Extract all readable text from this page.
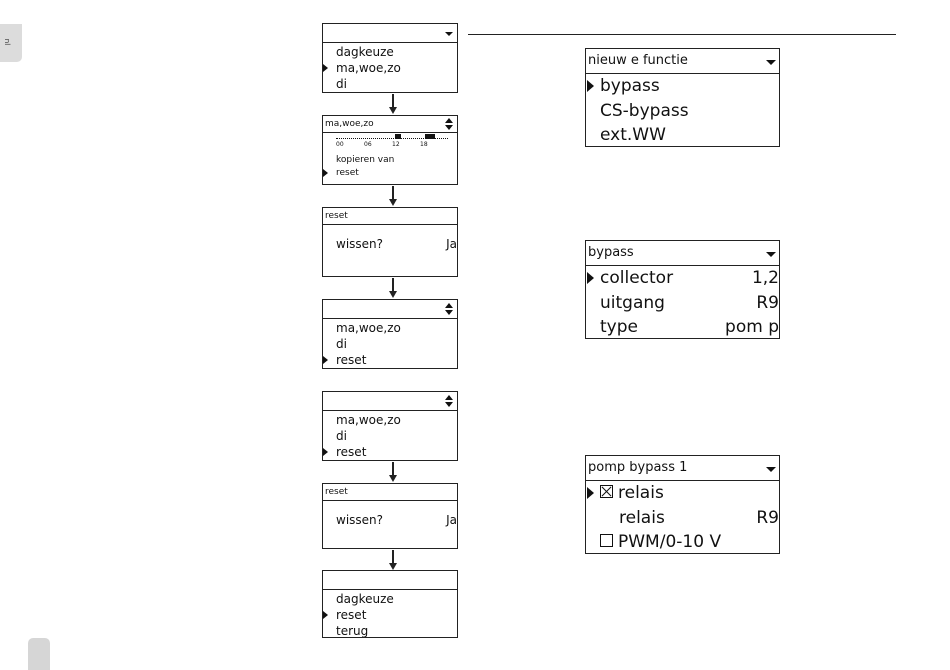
nl
dagkeuze
ma,woe,zo
di
ma,woe,zo
00	06	12	18
kopieren van
reset
reset
wissen?	Ja
ma,woe,zo
di
reset
ma,woe,zo
di
reset
reset
wissen?	Ja
dagkeuze
reset
terug
nieuw e functie
bypass
CS-bypass
ext.WW
bypass
collector	1,2
uitgang	R9
type	pom p
pomp bypass 1
relais
relais	R9
PWM/0-10 V
